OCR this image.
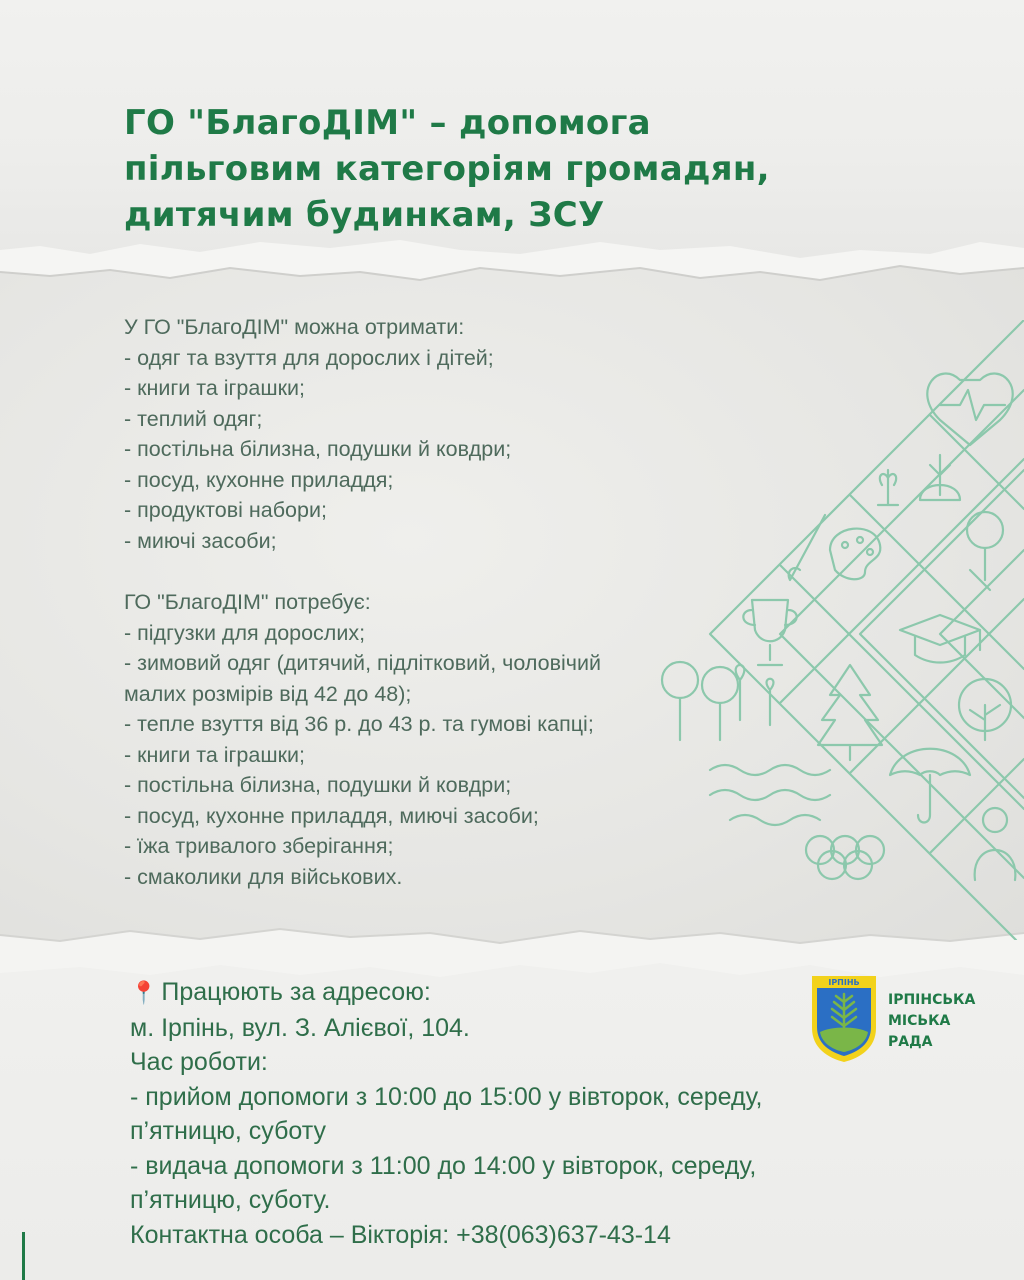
ГО "БлагоДІМ" – допомога
пільговим категоріям громадян,
дитячим будинкам, ЗСУ
У ГО "БлагоДІМ" можна отримати:
- одяг та взуття для дорослих і дітей;
- книги та іграшки;
- теплий одяг;
- постільна білизна, подушки й ковдри;
- посуд, кухонне приладдя;
- продуктові набори;
- миючі засоби;
ГО "БлагоДІМ" потребує:
- підгузки для дорослих;
- зимовий одяг (дитячий, підлітковий, чоловічий
малих розмірів від 42 до 48);
- тепле взуття від 36 р. до 43 р. та гумові капці;
- книги та іграшки;
- постільна білизна, подушки й ковдри;
- посуд, кухонне приладдя, миючі засоби;
- їжа тривалого зберігання;
- смаколики для військових.
📍 Працюють за адресою:
м. Ірпінь, вул. З. Алієвої, 104.
Час роботи:
- прийом допомоги з 10:00 до 15:00 у вівторок, середу,
п’ятницю, суботу
- видача допомоги з 11:00 до 14:00 у вівторок, середу,
п’ятницю, суботу.
Контактна особа – Вікторія: +38(063)637-43-14
ІРПІНЬ
ІРПІНСЬКА
МІСЬКА
РАДА
